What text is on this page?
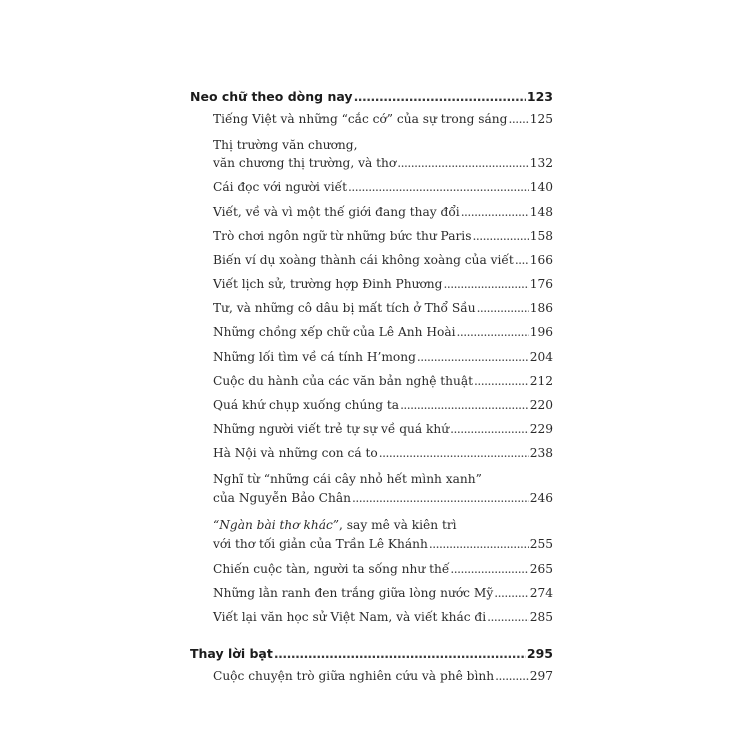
Neo chữ theo dòng nay .....	123
Tiếng Việt và những “cắc cớ” của sự trong sáng ..... 125
Thị trường văn chương,
văn chương thị trường, và thơ .....	132
Cái đọc với người viết .....	140
Viết, về và vì một thế giới đang thay đổi .....	148
Trò chơi ngôn ngữ từ những bức thư Paris .....	158
Biến ví dụ xoàng thành cái không xoàng của viết ..... 166
Viết lịch sử, trường hợp Đinh Phương .....	176
Tư, và những cô dâu bị mất tích ở Thổ Sầu .....	186
Những chồng xếp chữ của Lê Anh Hoài .....	196
Những lối tìm về cá tính H’mong .....	204
Cuộc du hành của các văn bản nghệ thuật .....	212
Quá khứ chụp xuống chúng ta .....	220
Những người viết trẻ tự sự về quá khứ .....	229
Hà Nội và những con cá to .....	238
Nghĩ từ “những cái cây nhỏ hết mình xanh”
của Nguyễn Bảo Chân .....	246
“Ngàn bài thơ khác”, say mê và kiên trì
với thơ tối giản của Trần Lê Khánh .....	255
Chiến cuộc tàn, người ta sống như thế .....	265
Những lằn ranh đen trắng giữa lòng nước Mỹ .....	274
Viết lại văn học sử Việt Nam, và viết khác đi .....	285
Thay lời bạt .....	295
Cuộc chuyện trò giữa nghiên cứu và phê bình .....	297
